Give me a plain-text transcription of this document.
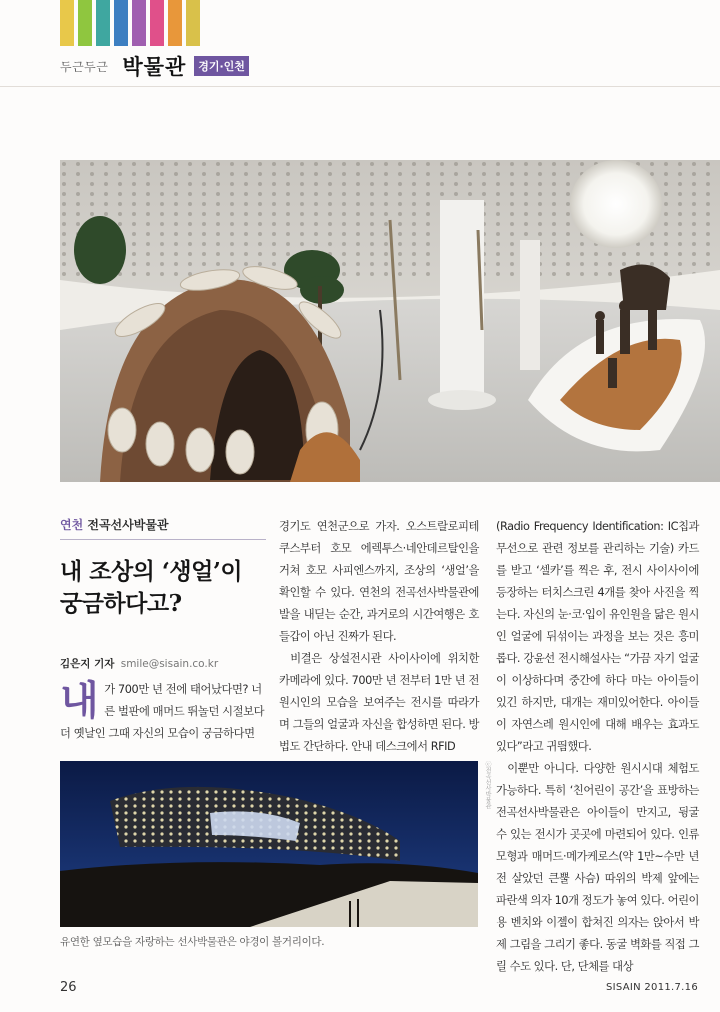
두근두근 박물관	경기·인천
연천 전곡선사박물관
내 조상의 ‘생얼’이
궁금하다고?
김은지 기자 smile@sisain.co.kr

내가 700만 년 전에 태어났다면? 너른 벌판에 매머드 뛰놀던 시절보다 더 옛날인 그때 자신의 모습이 궁금하다면

경기도 연천군으로 가자. 오스트랄로피테쿠스부터 호모 에렉투스·네안데르탈인을 거쳐 호모 사피엔스까지, 조상의 ‘생얼’을 확인할 수 있다. 연천의 전곡선사박물관에 발을 내딛는 순간, 과거로의 시간여행은 호들갑이 아닌 진짜가 된다.

비결은 상설전시관 사이사이에 위치한 카메라에 있다. 700만 년 전부터 1만 년 전 원시인의 모습을 보여주는 전시를 따라가며 그들의 얼굴과 자신을 합성하면 된다. 방법도 간단하다. 안내 데스크에서 RFID

(Radio Frequency Identification: IC칩과 무선으로 관련 정보를 관리하는 기술) 카드를 받고 ‘셀카’를 찍은 후, 전시 사이사이에 등장하는 터치스크린 4개를 찾아 사진을 찍는다. 자신의 눈·코·입이 유인원을 닮은 원시인 얼굴에 뒤섞이는 과정을 보는 것은 흥미롭다. 강윤선 전시해설사는 “가끔 자기 얼굴이 이상하다며 중간에 하다 마는 아이들이 있긴 하지만, 대개는 재미있어한다. 아이들이 자연스레 원시인에 대해 배우는 효과도 있다”라고 귀띔했다.

이뿐만 아니다. 다양한 원시시대 체험도 가능하다. 특히 ‘친어린이 공간’을 표방하는 전곡선사박물관은 아이들이 만지고, 뒹굴 수 있는 전시가 곳곳에 마련되어 있다. 인류 모형과 매머드·메가케로스(약 1만~수만 년 전 살았던 큰뿔 사슴) 따위의 박제 앞에는 파란색 의자 10개 정도가 놓여 있다. 어린이용 벤치와 이젤이 합쳐진 의자는 앉아서 박제 그림을 그리기 좋다. 동굴 벽화를 직접 그릴 수도 있다. 단, 단체를 대상

ⓒ전곡선사박물관
유연한 옆모습을 자랑하는 선사박물관은 야경이 볼거리이다.
26	SISAIN 2011.7.16
